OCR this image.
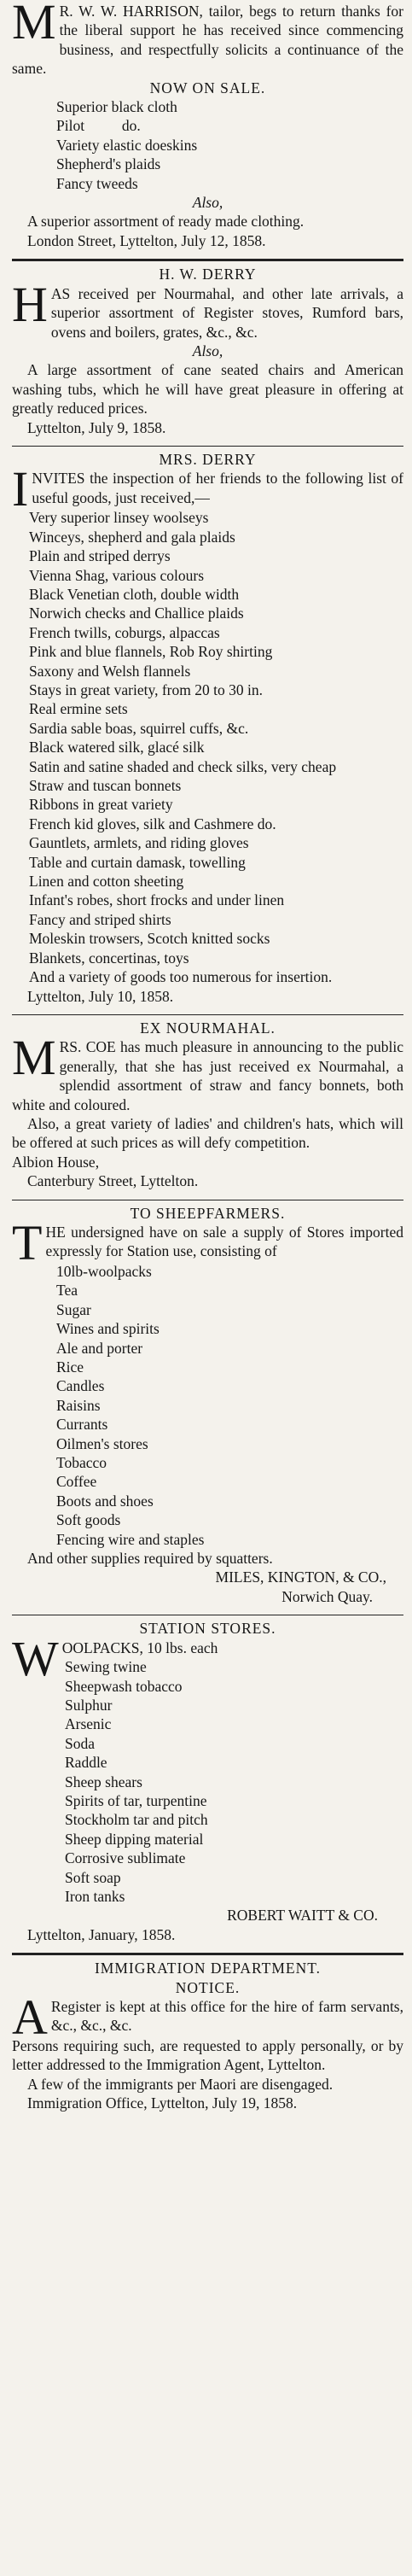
M R. W. W. HARRISON, tailor, begs to return thanks for the liberal support he has received since commencing business, and respectfully solicits a continuance of the same.

NOW ON SALE.

Superior black cloth
Pilot          do.
Variety elastic doeskins
Shepherd's plaids
Fancy tweeds

Also,

A superior assortment of ready made clothing.

London Street, Lyttelton, July 12, 1858.

H. W. DERRY

H AS received per Nourmahal, and other late arrivals, a superior assortment of Register stoves, Rumford bars, ovens and boilers, grates, &c., &c.

Also,

A large assortment of cane seated chairs and American washing tubs, which he will have great pleasure in offering at greatly reduced prices.

Lyttelton, July 9, 1858.

MRS. DERRY

I NVITES the inspection of her friends to the following list of useful goods, just received,—
Very superior linsey woolseys
Winceys, shepherd and gala plaids
Plain and striped derrys
Vienna Shag, various colours
Black Venetian cloth, double width
Norwich checks and Challice plaids
French twills, coburgs, alpaccas
Pink and blue flannels, Rob Roy shirting
Saxony and Welsh flannels
Stays in great variety, from 20 to 30 in.
Real ermine sets
Sardia sable boas, squirrel cuffs, &c.
Black watered silk, glacé silk
Satin and satine shaded and check silks, very cheap
Straw and tuscan bonnets
Ribbons in great variety
French kid gloves, silk and Cashmere do.
Gauntlets, armlets, and riding gloves
Table and curtain damask, towelling
Linen and cotton sheeting
Infant's robes, short frocks and under linen
Fancy and striped shirts
Moleskin trowsers, Scotch knitted socks
Blankets, concertinas, toys
And a variety of goods too numerous for insertion.

Lyttelton, July 10, 1858.

EX NOURMAHAL.

M RS. COE has much pleasure in announcing to the public generally, that she has just received ex Nourmahal, a splendid assortment of straw and fancy bonnets, both white and coloured.

Also, a great variety of ladies' and children's hats, which will be offered at such prices as will defy competition.

Albion House,

Canterbury Street, Lyttelton.

TO SHEEPFARMERS.

T HE undersigned have on sale a supply of Stores imported expressly for Station use, consisting of
10lb-woolpacks
Tea
Sugar
Wines and spirits
Ale and porter
Rice
Candles
Raisins
Currants
Oilmen's stores
Tobacco
Coffee
Boots and shoes
Soft goods
Fencing wire and staples

And other supplies required by squatters.

MILES, KINGTON, & CO.,

Norwich Quay.

STATION STORES.

W OOLPACKS, 10 lbs. each
Sewing twine
Sheepwash tobacco
Sulphur
Arsenic
Soda
Raddle
Sheep shears
Spirits of tar, turpentine
Stockholm tar and pitch
Sheep dipping material
Corrosive sublimate
Soft soap
Iron tanks

ROBERT WAITT & CO.

Lyttelton, January, 1858.

IMMIGRATION DEPARTMENT.

NOTICE.

A Register is kept at this office for the hire of farm servants, &c., &c., &c.

Persons requiring such, are requested to apply personally, or by letter addressed to the Immigration Agent, Lyttelton.

A few of the immigrants per Maori are disengaged.

Immigration Office, Lyttelton, July 19, 1858.
